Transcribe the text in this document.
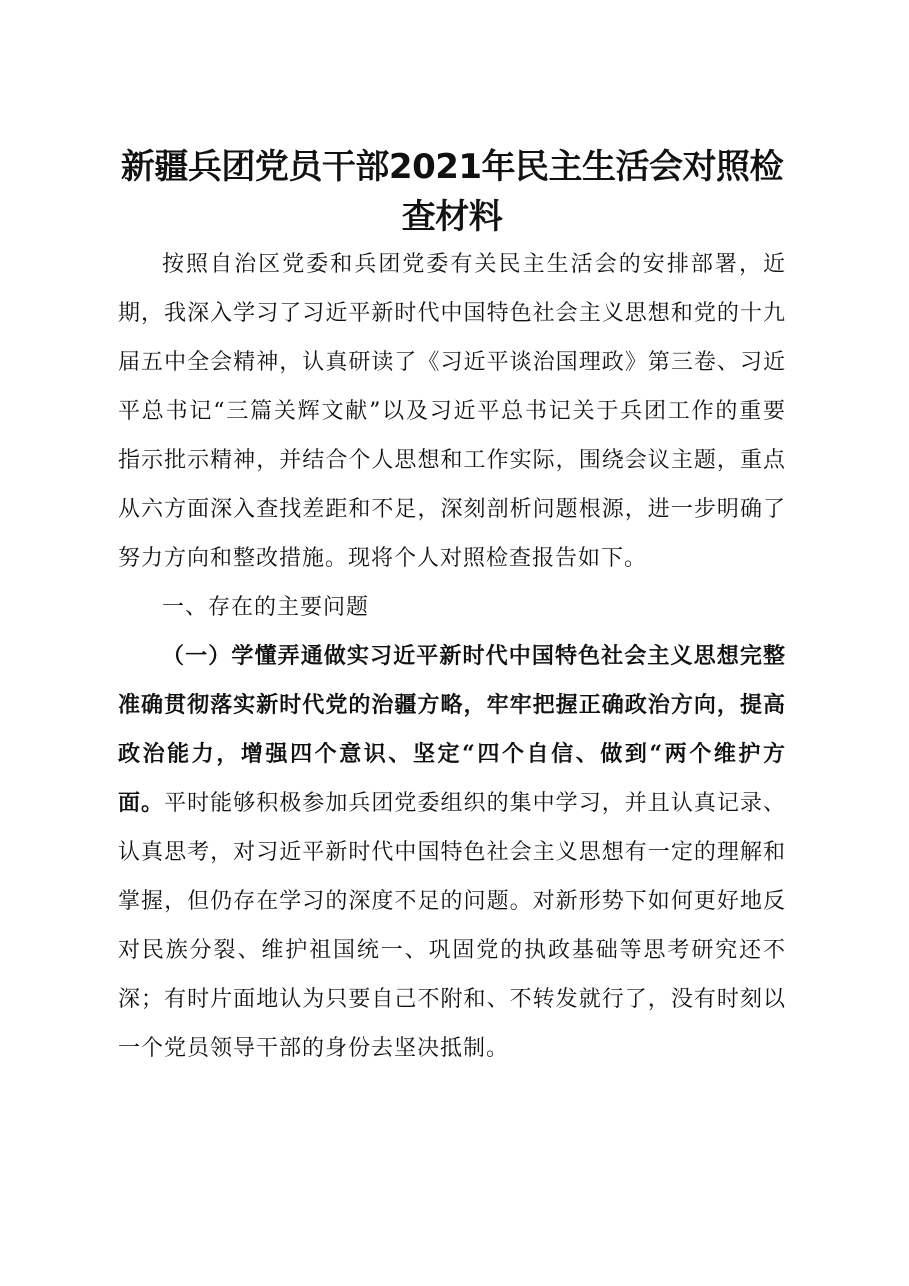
新疆兵团党员干部2021年民主生活会对照检
查材料

按照自治区党委和兵团党委有关民主生活会的安排部署，近期，我深入学习了习近平新时代中国特色社会主义思想和党的十九届五中全会精神，认真研读了《习近平谈治国理政》第三卷、习近平总书记“三篇关辉文献”以及习近平总书记关于兵团工作的重要指示批示精神，并结合个人思想和工作实际，围绕会议主题，重点从六方面深入查找差距和不足，深刻剖析问题根源，进一步明确了努力方向和整改措施。现将个人对照检查报告如下。

一、存在的主要问题

（一）学懂弄通做实习近平新时代中国特色社会主义思想完整准确贯彻落实新时代党的治疆方略，牢牢把握正确政治方向，提高政治能力，增强四个意识、坚定“四个自信、做到“两个维护方面。平时能够积极参加兵团党委组织的集中学习，并且认真记录、认真思考，对习近平新时代中国特色社会主义思想有一定的理解和掌握，但仍存在学习的深度不足的问题。对新形势下如何更好地反对民族分裂、维护祖国统一、巩固党的执政基础等思考研究还不深；有时片面地认为只要自己不附和、不转发就行了，没有时刻以一个党员领导干部的身份去坚决抵制。
